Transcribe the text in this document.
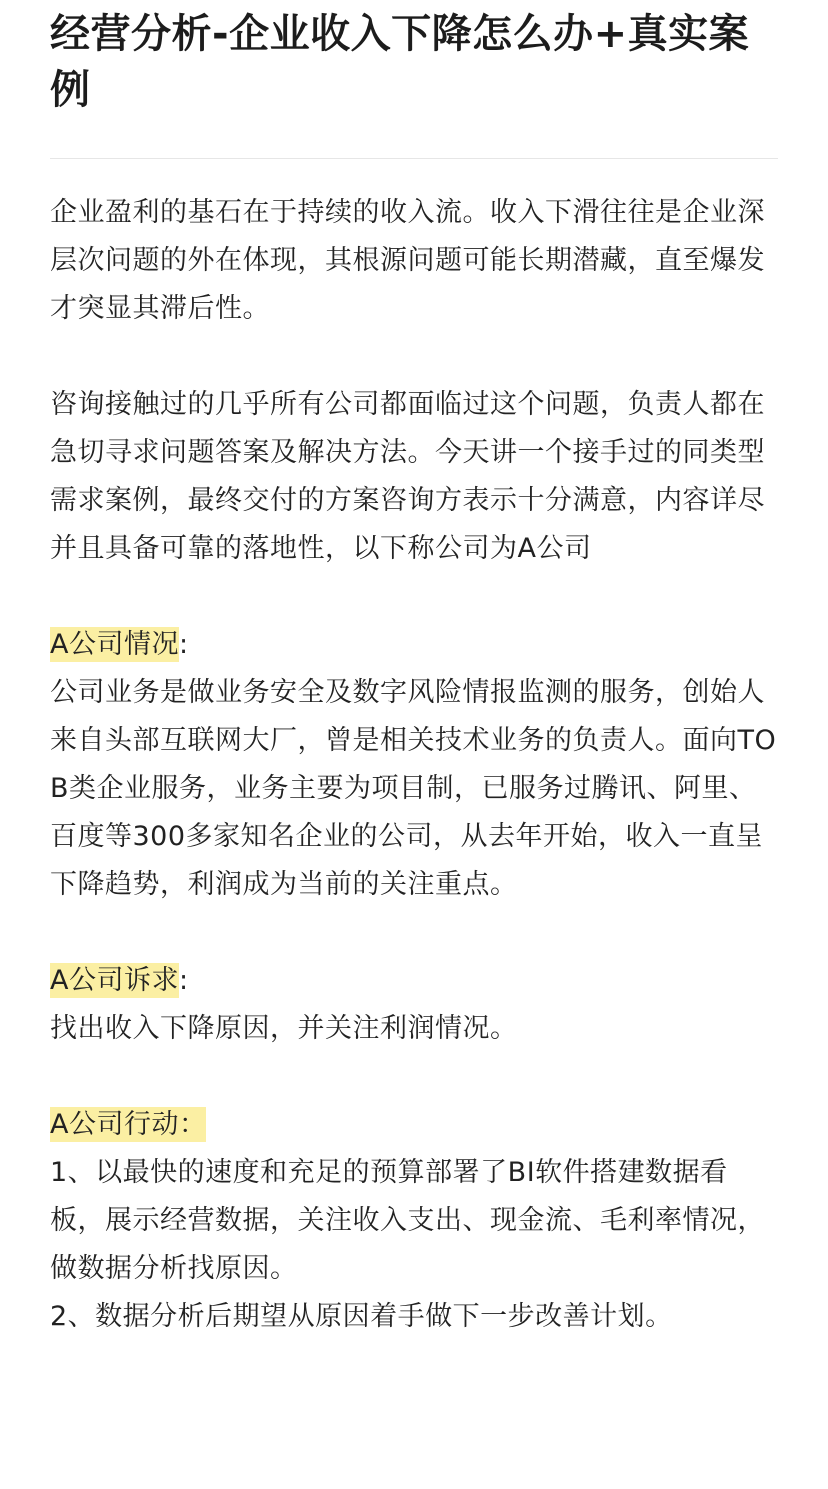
经营分析-企业收入下降怎么办+真实案例

企业盈利的基石在于持续的收入流。收入下滑往往是企业深层次问题的外在体现，其根源问题可能长期潜藏，直至爆发才突显其滞后性。

咨询接触过的几乎所有公司都面临过这个问题，负责人都在急切寻求问题答案及解决方法。今天讲一个接手过的同类型需求案例，最终交付的方案咨询方表示十分满意，内容详尽并且具备可靠的落地性，以下称公司为A公司

A公司情况:

公司业务是做业务安全及数字风险情报监测的服务，创始人来自头部互联网大厂，曾是相关技术业务的负责人。面向TO B类企业服务，业务主要为项目制，已服务过腾讯、阿里、百度等300多家知名企业的公司，从去年开始，收入一直呈下降趋势，利润成为当前的关注重点。

A公司诉求:

找出收入下降原因，并关注利润情况。

A公司行动：

1、以最快的速度和充足的预算部署了BI软件搭建数据看板，展示经营数据，关注收入支出、现金流、毛利率情况，做数据分析找原因。

2、数据分析后期望从原因着手做下一步改善计划。
